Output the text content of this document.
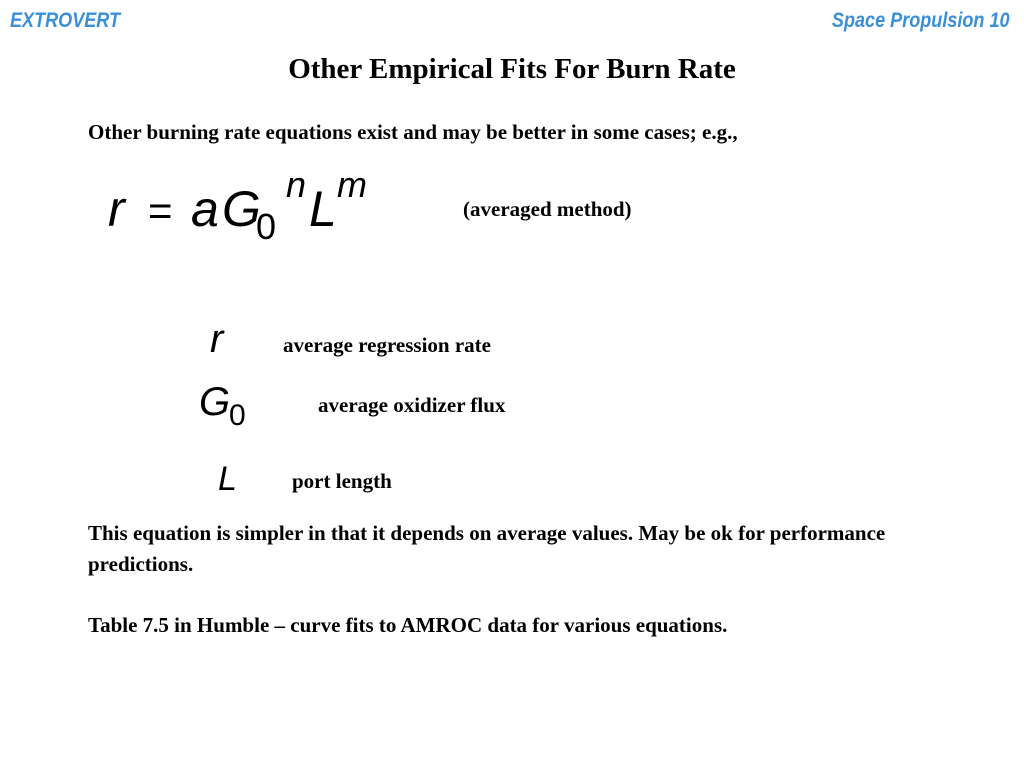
EXTROVERT	Space Propulsion 10
Other Empirical Fits For Burn Rate
Other burning rate equations exist and may be better in some cases; e.g.,
r = a G
0
n L m
(averaged method)
r	average regression rate
G
0	average oxidizer flux
L	port length
This equation is simpler in that it depends on average values. May be ok for performance predictions.
Table 7.5 in Humble – curve fits to AMROC data for various equations.
